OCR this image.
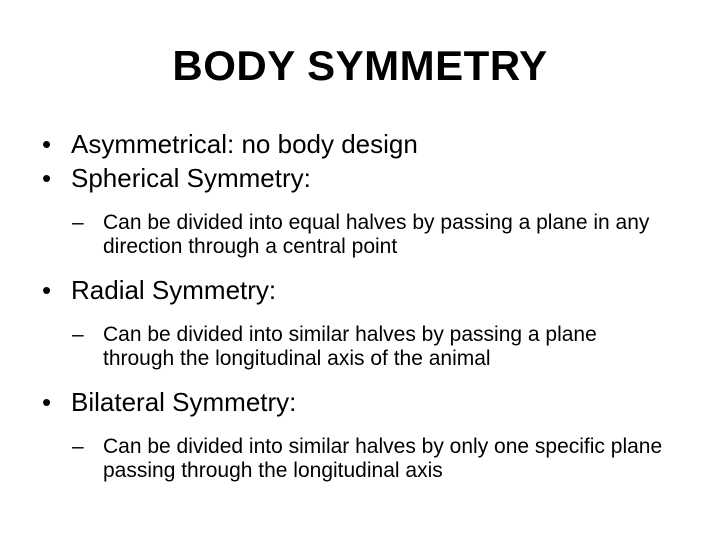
BODY SYMMETRY
• Asymmetrical: no body design
• Spherical Symmetry:
– Can be divided into equal halves by passing a plane in any direction through a central point
• Radial Symmetry:
– Can be divided into similar halves by passing a plane through the longitudinal axis of the animal
• Bilateral Symmetry:
– Can be divided into similar halves by only one specific plane passing through the longitudinal axis
